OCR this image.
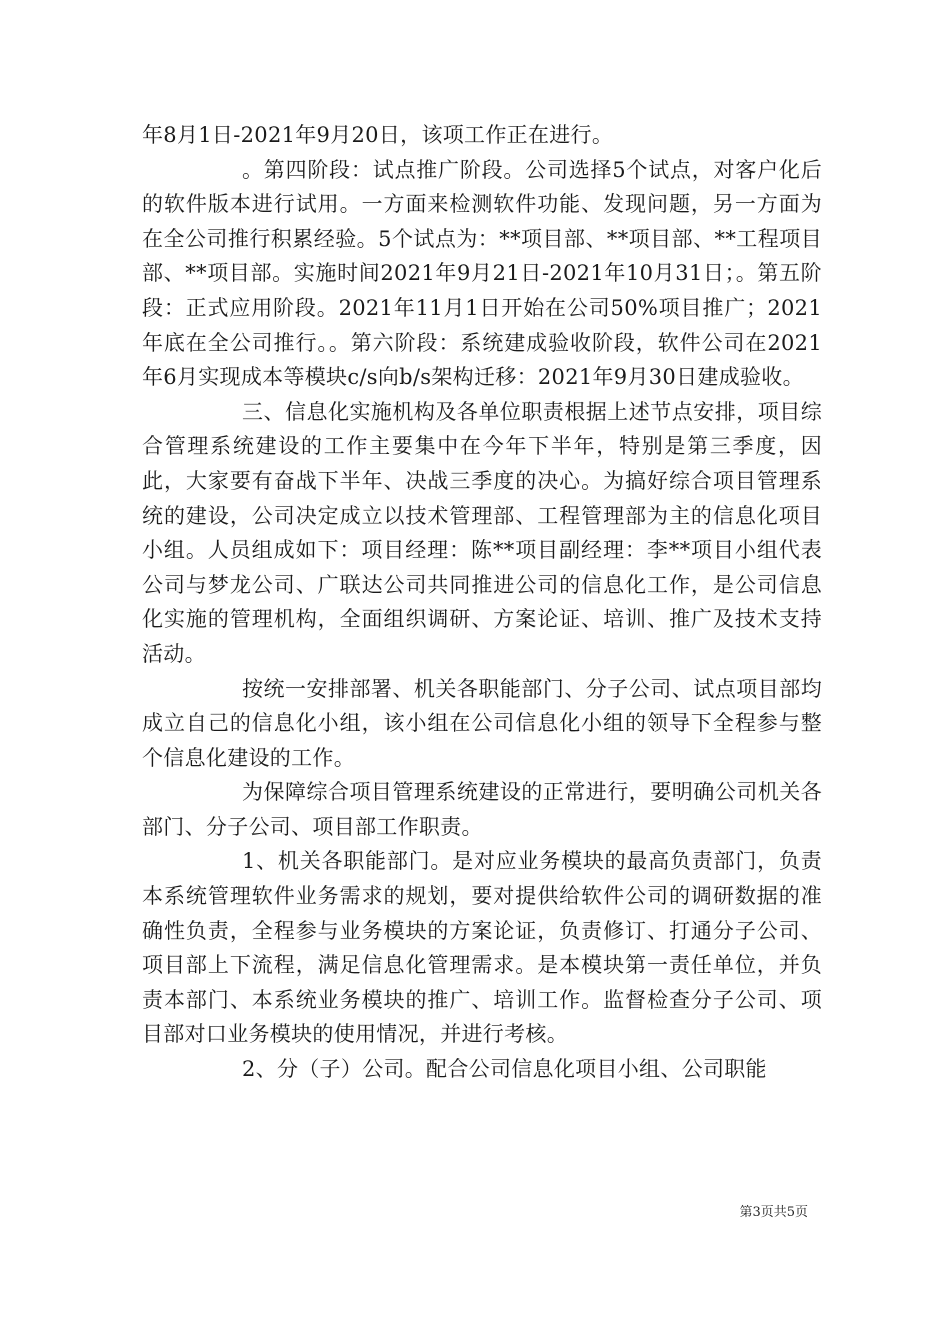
年8月1日-2021年9月20日，该项工作正在进行。

。第四阶段：试点推广阶段。公司选择5个试点，对客户化后的软件版本进行试用。一方面来检测软件功能、发现问题，另一方面为在全公司推行积累经验。5个试点为：**项目部、**项目部、**工程项目部、**项目部。实施时间2021年9月21日-2021年10月31日；。第五阶段：正式应用阶段。2021年11月1日开始在公司50%项目推广；2021年底在全公司推行。。第六阶段：系统建成验收阶段，软件公司在2021年6月实现成本等模块c/s向b/s架构迁移：2021年9月30日建成验收。

三、信息化实施机构及各单位职责根据上述节点安排，项目综合管理系统建设的工作主要集中在今年下半年，特别是第三季度，因此，大家要有奋战下半年、决战三季度的决心。为搞好综合项目管理系统的建设，公司决定成立以技术管理部、工程管理部为主的信息化项目小组。人员组成如下：项目经理：陈**项目副经理：李**项目小组代表公司与梦龙公司、广联达公司共同推进公司的信息化工作，是公司信息化实施的管理机构，全面组织调研、方案论证、培训、推广及技术支持活动。

按统一安排部署、机关各职能部门、分子公司、试点项目部均成立自己的信息化小组，该小组在公司信息化小组的领导下全程参与整个信息化建设的工作。

为保障综合项目管理系统建设的正常进行，要明确公司机关各部门、分子公司、项目部工作职责。

1、机关各职能部门。是对应业务模块的最高负责部门，负责本系统管理软件业务需求的规划，要对提供给软件公司的调研数据的准确性负责，全程参与业务模块的方案论证，负责修订、打通分子公司、项目部上下流程，满足信息化管理需求。是本模块第一责任单位，并负责本部门、本系统业务模块的推广、培训工作。监督检查分子公司、项目部对口业务模块的使用情况，并进行考核。

2、分（子）公司。配合公司信息化项目小组、公司职能

第3页共5页
